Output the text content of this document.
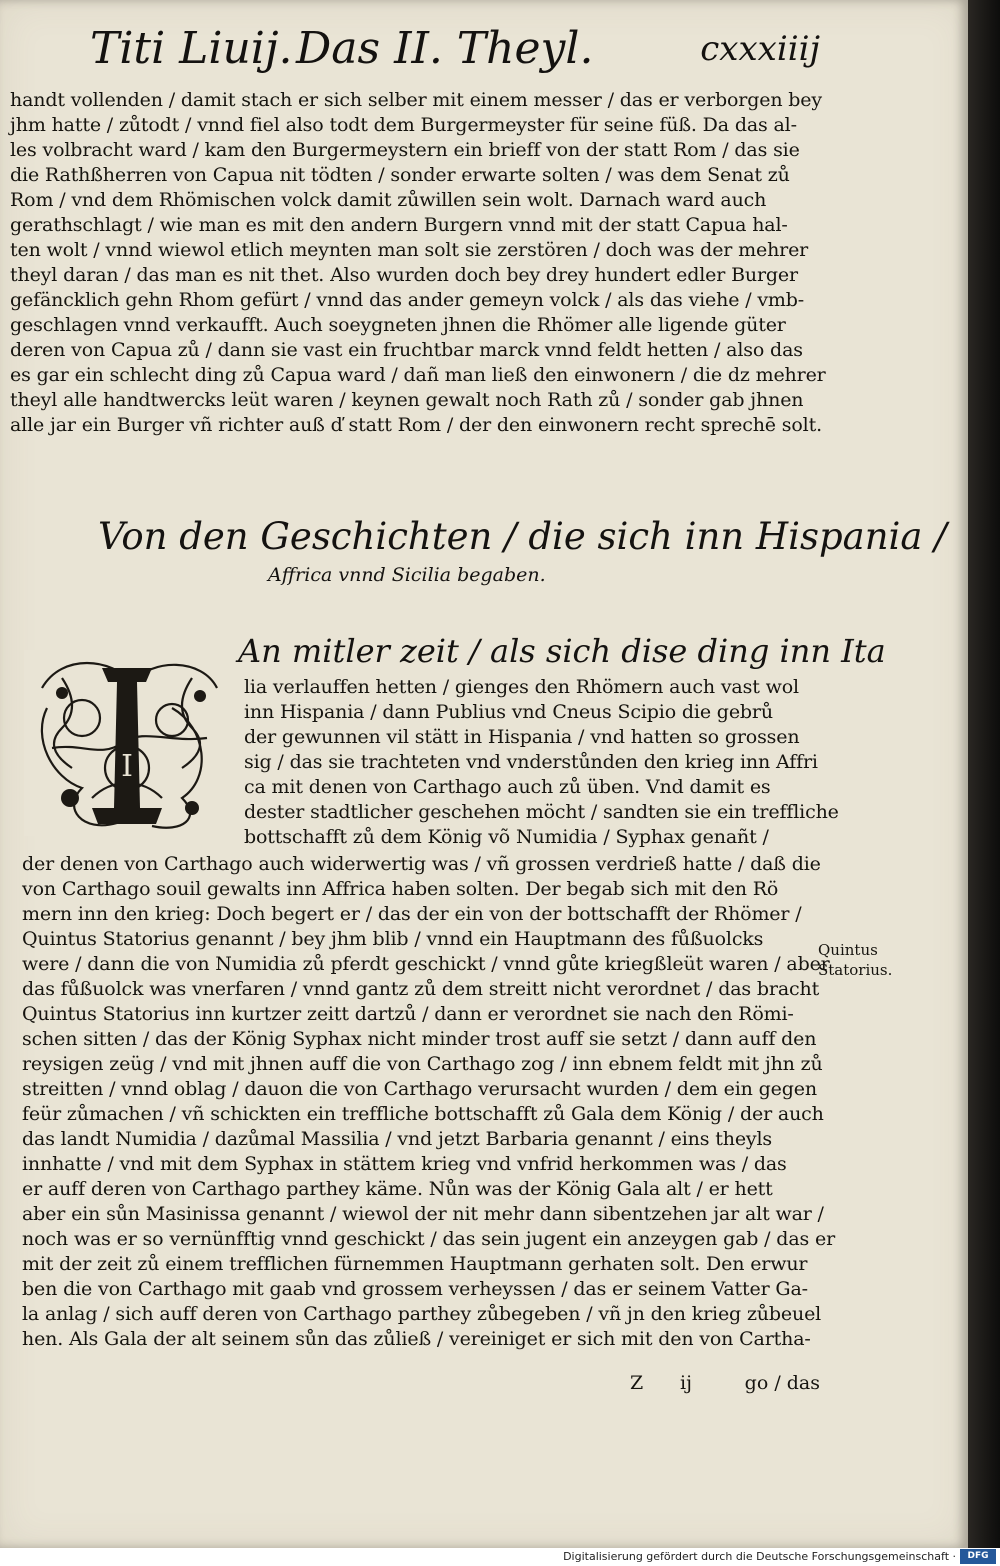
Titi Liuij. Das II. Theyl.	cxxxiiij
handt vollenden / damit stach er sich selber mit einem messer / das er verborgen bey
jhm hatte / zůtodt / vnnd fiel also todt dem Burgermeyster für seine füß. Da das al-
les volbracht ward / kam den Burgermeystern ein brieff von der statt Rom / das sie
die Rathßherren von Capua nit tödten / sonder erwarte solten / was dem Senat zů
Rom / vnd dem Rhömischen volck damit zůwillen sein wolt. Darnach ward auch
gerathschlagt / wie man es mit den andern Burgern vnnd mit der statt Capua hal-
ten wolt / vnnd wiewol etlich meynten man solt sie zerstören / doch was der mehrer
theyl daran / das man es nit thet. Also wurden doch bey drey hundert edler Burger
gefäncklich gehn Rhom gefürt / vnnd das ander gemeyn volck / als das viehe / vmb-
geschlagen vnnd verkaufft. Auch soeygneten jhnen die Rhömer alle ligende güter
deren von Capua zů / dann sie vast ein fruchtbar marck vnnd feldt hetten / also das
es gar ein schlecht ding zů Capua ward / dañ man ließ den einwonern / die dz mehrer
theyl alle handtwercks leüt waren / keynen gewalt noch Rath zů / sonder gab jhnen
alle jar ein Burger vñ richter auß ď statt Rom / der den einwonern recht sprechē solt.
Von den Geschichten / die sich inn Hispania /
Affrica vnnd Sicilia begaben.
An mitler zeit / als sich dise ding inn Ita
I
lia verlauffen hetten / gienges den Rhömern auch vast wol
inn Hispania / dann Publius vnd Cneus Scipio die gebrů
der gewunnen vil stätt in Hispania / vnd hatten so grossen
sig / das sie trachteten vnd vnderstůnden den krieg inn Affri
ca mit denen von Carthago auch zů üben. Vnd damit es
dester stadtlicher geschehen möcht / sandten sie ein treffliche
bottschafft zů dem König võ Numidia / Syphax genañt /
der denen von Carthago auch widerwertig was / vñ grossen verdrieß hatte / daß die
von Carthago souil gewalts inn Affrica haben solten. Der begab sich mit den Rö
mern inn den krieg: Doch begert er / das der ein von der bottschafft der Rhömer /
Quintus Statorius genannt / bey jhm blib / vnnd ein Hauptmann des fůßuolcks
were / dann die von Numidia zů pferdt geschickt / vnnd gůte kriegßleüt waren / aber
das fůßuolck was vnerfaren / vnnd gantz zů dem streitt nicht verordnet / das bracht
Quintus Statorius inn kurtzer zeitt dartzů / dann er verordnet sie nach den Römi-
schen sitten / das der König Syphax nicht minder trost auff sie setzt / dann auff den
reysigen zeüg / vnd mit jhnen auff die von Carthago zog / inn ebnem feldt mit jhn zů
streitten / vnnd oblag / dauon die von Carthago verursacht wurden / dem ein gegen
feür zůmachen / vñ schickten ein treffliche bottschafft zů Gala dem König / der auch
das landt Numidia / dazůmal Massilia / vnd jetzt Barbaria genannt / eins theyls
innhatte / vnd mit dem Syphax in stättem krieg vnd vnfrid herkommen was / das
er auff deren von Carthago parthey käme. Nůn was der König Gala alt / er hett
aber ein sůn Masinissa genannt / wiewol der nit mehr dann sibentzehen jar alt war /
noch was er so vernünfftig vnnd geschickt / das sein jugent ein anzeygen gab / das er
mit der zeit zů einem trefflichen fürnemmen Hauptmann gerhaten solt. Den erwur
ben die von Carthago mit gaab vnd grossem verheyssen / das er seinem Vatter Ga-
la anlag / sich auff deren von Carthago parthey zůbegeben / vñ jn den krieg zůbeuel
hen. Als Gala der alt seinem sůn das zůließ / vereiniget er sich mit den von Cartha-
Quintus
Statorius.
Z ij	go / das
Digitalisierung gefördert durch die Deutsche Forschungsgemeinschaft ·	DFG
